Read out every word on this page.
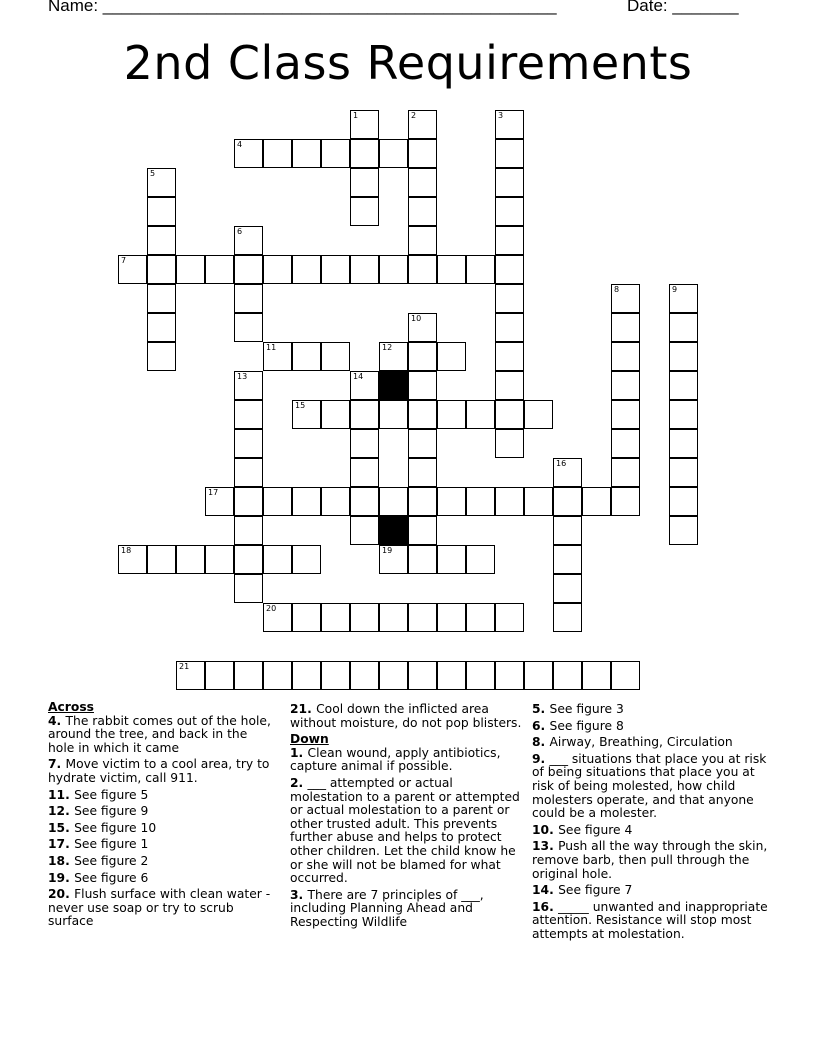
Name: ________________________________________________	Date: _______
2nd Class Requirements
1	2	3
4
5
6
7
8	9
10
11	12
13	14
15
16
17
18	19
20
21
Across
4. The rabbit comes out of the hole, around the tree, and back in the hole in which it came
7. Move victim to a cool area, try to hydrate victim, call 911.
11. See figure 5
12. See figure 9
15. See figure 10
17. See figure 1
18. See figure 2
19. See figure 6
20. Flush surface with clean water - never use soap or try to scrub surface
21. Cool down the inflicted area without moisture, do not pop blisters.
Down
1. Clean wound, apply antibiotics, capture animal if possible.
2. ___ attempted or actual molestation to a parent or attempted or actual molestation to a parent or other trusted adult. This prevents further abuse and helps to protect other children. Let the child know he or she will not be blamed for what occurred.
3. There are 7 principles of ___, including Planning Ahead and Respecting Wildlife
5. See figure 3
6. See figure 8
8. Airway, Breathing, Circulation
9. ___ situations that place you at risk of being situations that place you at risk of being molested, how child molesters operate, and that anyone could be a molester.
10. See figure 4
13. Push all the way through the skin, remove barb, then pull through the original hole.
14. See figure 7
16. _____ unwanted and inappropriate attention. Resistance will stop most attempts at molestation.
